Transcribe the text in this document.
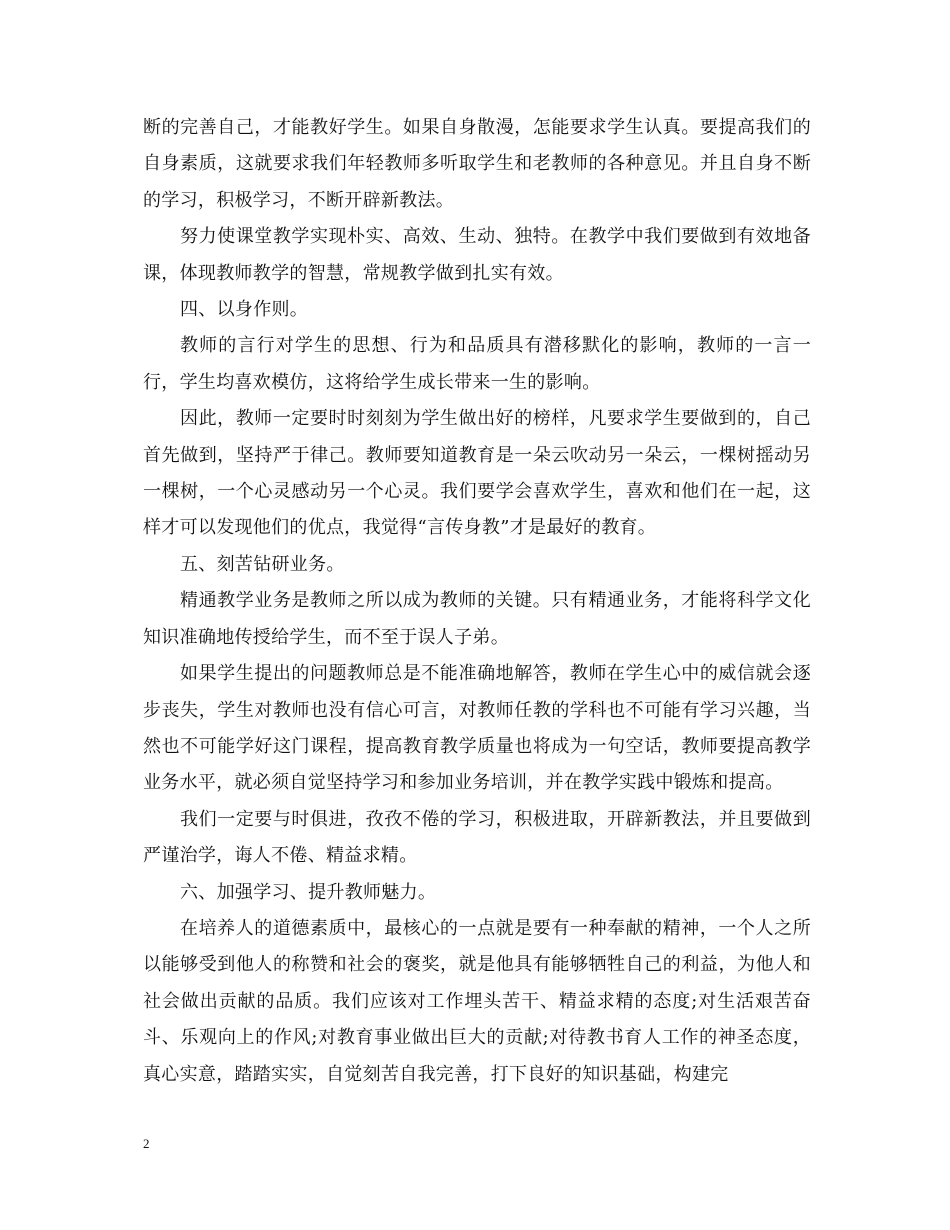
断的完善自己，才能教好学生。如果自身散漫，怎能要求学生认真。要提高我们的自身素质，这就要求我们年轻教师多听取学生和老教师的各种意见。并且自身不断的学习，积极学习，不断开辟新教法。

努力使课堂教学实现朴实、高效、生动、独特。在教学中我们要做到有效地备课，体现教师教学的智慧，常规教学做到扎实有效。

四、以身作则。

教师的言行对学生的思想、行为和品质具有潜移默化的影响，教师的一言一行，学生均喜欢模仿，这将给学生成长带来一生的影响。

因此，教师一定要时时刻刻为学生做出好的榜样，凡要求学生要做到的，自己首先做到，坚持严于律己。教师要知道教育是一朵云吹动另一朵云，一棵树摇动另一棵树，一个心灵感动另一个心灵。我们要学会喜欢学生，喜欢和他们在一起，这样才可以发现他们的优点，我觉得“言传身教”才是最好的教育。

五、刻苦钻研业务。

精通教学业务是教师之所以成为教师的关键。只有精通业务，才能将科学文化知识准确地传授给学生，而不至于误人子弟。

如果学生提出的问题教师总是不能准确地解答，教师在学生心中的威信就会逐步丧失，学生对教师也没有信心可言，对教师任教的学科也不可能有学习兴趣，当然也不可能学好这门课程，提高教育教学质量也将成为一句空话，教师要提高教学业务水平，就必须自觉坚持学习和参加业务培训，并在教学实践中锻炼和提高。

我们一定要与时俱进，孜孜不倦的学习，积极进取，开辟新教法，并且要做到严谨治学，诲人不倦、精益求精。

六、加强学习、提升教师魅力。

在培养人的道德素质中，最核心的一点就是要有一种奉献的精神，一个人之所以能够受到他人的称赞和社会的褒奖，就是他具有能够牺牲自己的利益，为他人和社会做出贡献的品质。我们应该对工作埋头苦干、精益求精的态度;对生活艰苦奋斗、乐观向上的作风;对教育事业做出巨大的贡献;对待教书育人工作的神圣态度，真心实意，踏踏实实，自觉刻苦自我完善，打下良好的知识基础，构建完

2
